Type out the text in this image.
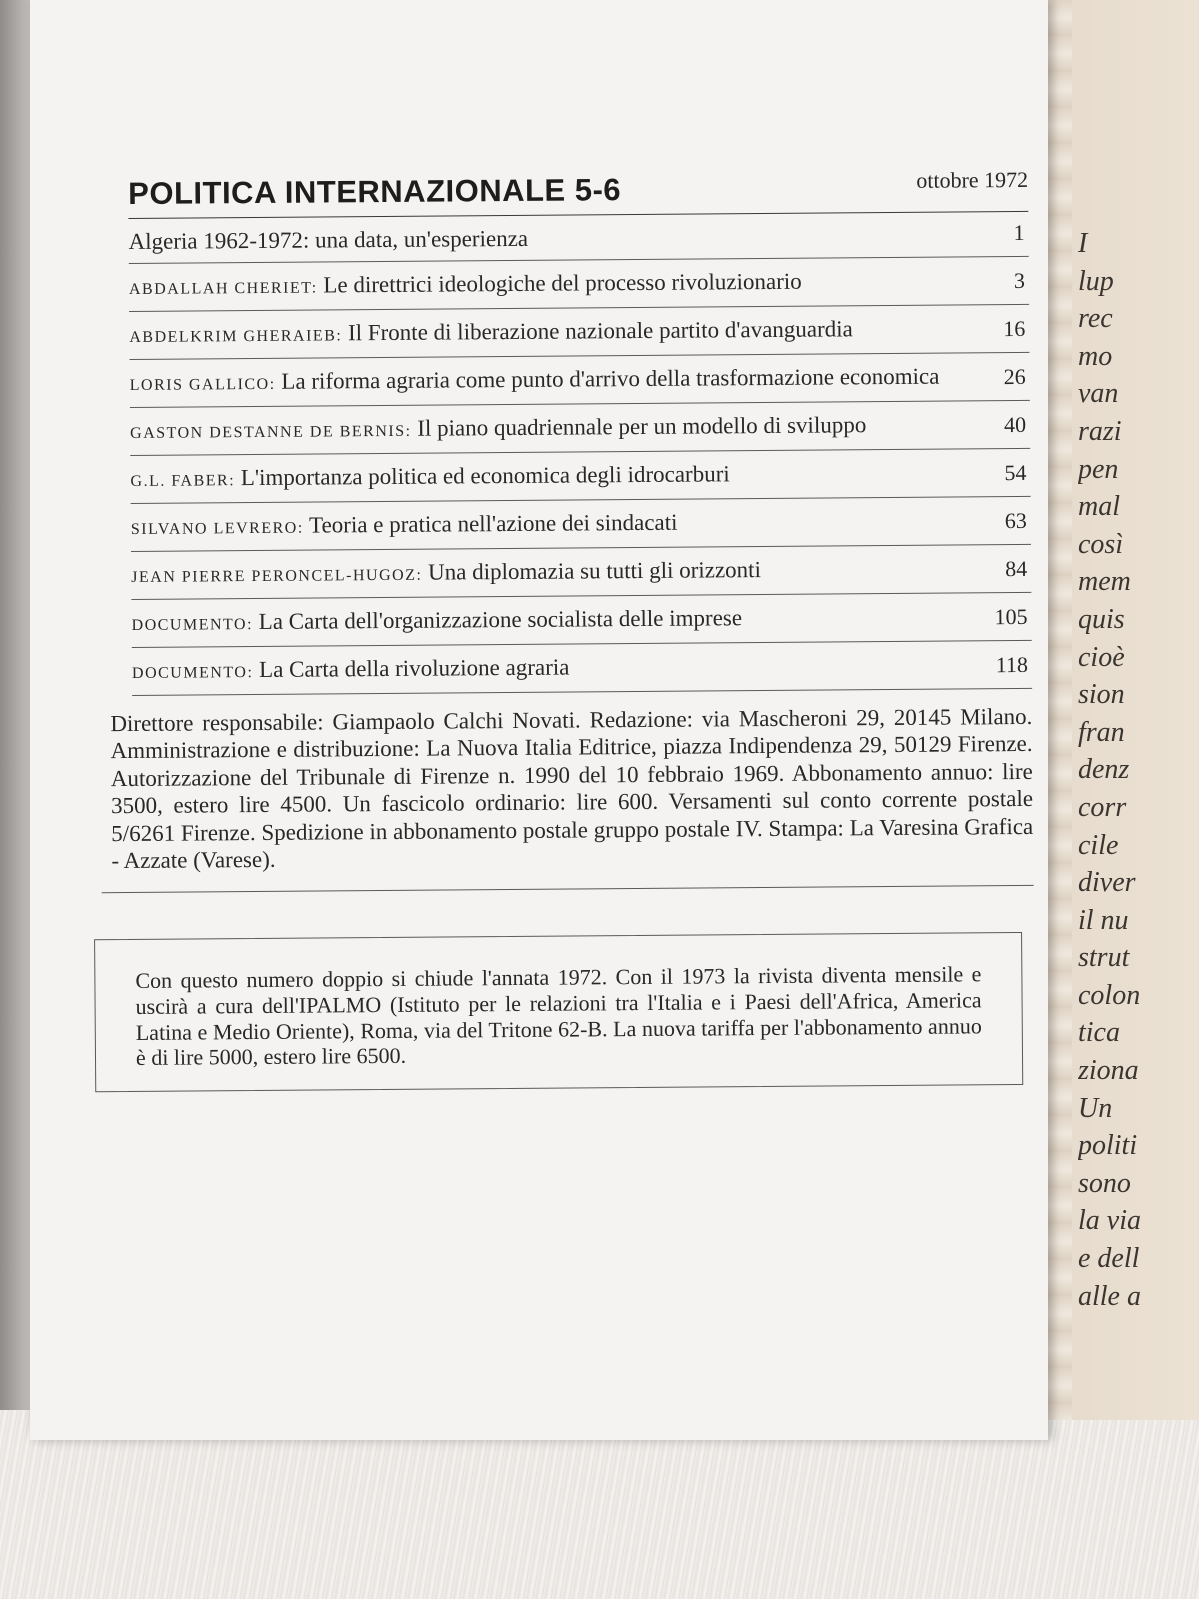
I
lup
rec
mo
van
razi
pen
mal
così
mem
quis
cioè
sion
fran
denz
corr
cile
diver
il nu
strut
colon
tica
ziona
Un
politi
sono
la via
e dell
alle a
POLITICA INTERNAZIONALE 5-6	ottobre 1972
Algeria 1962-1972: una data, un'esperienza	1
ABDALLAH CHERIET: Le direttrici ideologiche del processo rivoluzionario	3
ABDELKRIM GHERAIEB: Il Fronte di liberazione nazionale partito d'avanguardia	16
LORIS GALLICO: La riforma agraria come punto d'arrivo della trasformazione economica	26
GASTON DESTANNE DE BERNIS: Il piano quadriennale per un modello di sviluppo	40
G.L. FABER: L'importanza politica ed economica degli idrocarburi	54
SILVANO LEVRERO: Teoria e pratica nell'azione dei sindacati	63
JEAN PIERRE PERONCEL-HUGOZ: Una diplomazia su tutti gli orizzonti	84
DOCUMENTO: La Carta dell'organizzazione socialista delle imprese	105
DOCUMENTO: La Carta della rivoluzione agraria	118
Direttore responsabile: Giampaolo Calchi Novati. Redazione: via Mascheroni 29, 20145 Milano. Amministrazione e distribuzione: La Nuova Italia Editrice, piazza Indipendenza 29, 50129 Firenze. Autorizzazione del Tribunale di Firenze n. 1990 del 10 febbraio 1969. Abbonamento annuo: lire 3500, estero lire 4500. Un fascicolo ordinario: lire 600. Versamenti sul conto corrente postale 5/6261 Firenze. Spedizione in abbonamento postale gruppo postale IV. Stampa: La Varesina Grafica - Azzate (Varese).
Con questo numero doppio si chiude l'annata 1972. Con il 1973 la rivista diventa mensile e uscirà a cura dell'IPALMO (Istituto per le relazioni tra l'Italia e i Paesi dell'Africa, America Latina e Medio Oriente), Roma, via del Tritone 62-B. La nuova tariffa per l'abbonamento annuo è di lire 5000, estero lire 6500.
